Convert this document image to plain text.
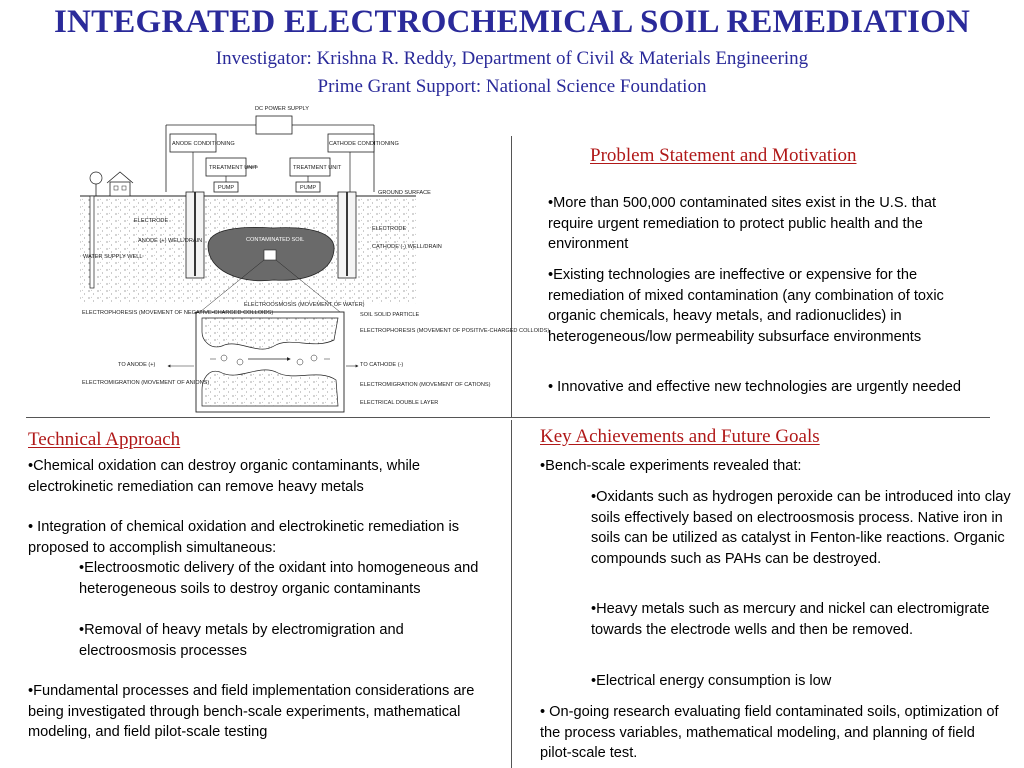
INTEGRATED ELECTROCHEMICAL SOIL REMEDIATION
Investigator: Krishna R. Reddy, Department of Civil & Materials Engineering
Prime Grant Support: National Science Foundation
WATER SUPPLY WELL
DC POWER SUPPLY
ANODE CONDITIONING
TREATMENT UNIT
PUMP
CATHODE CONDITIONING
TREATMENT UNIT
PUMP
GROUND SURFACE
ELECTRODE
ANODE (+) WELL/DRAIN
ELECTRODE
CATHODE (-) WELL/DRAIN
CONTAMINATED SOIL
ELECTROOSMOSIS (MOVEMENT OF WATER)
SOIL SOLID PARTICLE
ELECTROPHORESIS (MOVEMENT OF NEGATIVE-CHARGED COLLOIDS)
ELECTROPHORESIS (MOVEMENT OF POSITIVE-CHARGED COLLOIDS)
TO ANODE (+)	TO CATHODE (-)
ELECTROMIGRATION (MOVEMENT OF ANIONS)	ELECTROMIGRATION (MOVEMENT OF CATIONS)
ELECTRICAL DOUBLE LAYER
Problem Statement and Motivation

•More than 500,000 contaminated sites exist in the U.S. that require urgent remediation to protect public health and the environment

•Existing technologies are ineffective or expensive for the remediation of mixed contamination (any combination of toxic organic chemicals, heavy metals, and radionuclides) in heterogeneous/low permeability subsurface environments

• Innovative and effective new technologies are urgently needed

Technical Approach

•Chemical oxidation can destroy organic contaminants, while electrokinetic remediation can remove heavy metals

• Integration of chemical oxidation and electrokinetic remediation is proposed to accomplish simultaneous:

•Electroosmotic delivery of the oxidant into homogeneous and heterogeneous soils to destroy organic contaminants

•Removal of heavy metals by electromigration and electroosmosis processes

•Fundamental processes and field implementation considerations are being investigated through bench-scale experiments, mathematical modeling, and field pilot-scale testing

Key Achievements and Future Goals

•Bench-scale experiments revealed that:

•Oxidants such as hydrogen peroxide can be introduced into clay soils effectively based on electroosmosis process. Native iron in soils can be utilized as catalyst in Fenton-like reactions. Organic compounds such as PAHs can be destroyed.

•Heavy metals such as mercury and nickel can electromigrate towards the electrode wells and then be removed.

•Electrical energy consumption is low

• On-going research evaluating field contaminated soils, optimization of the process variables, mathematical modeling, and planning of field pilot-scale test.
